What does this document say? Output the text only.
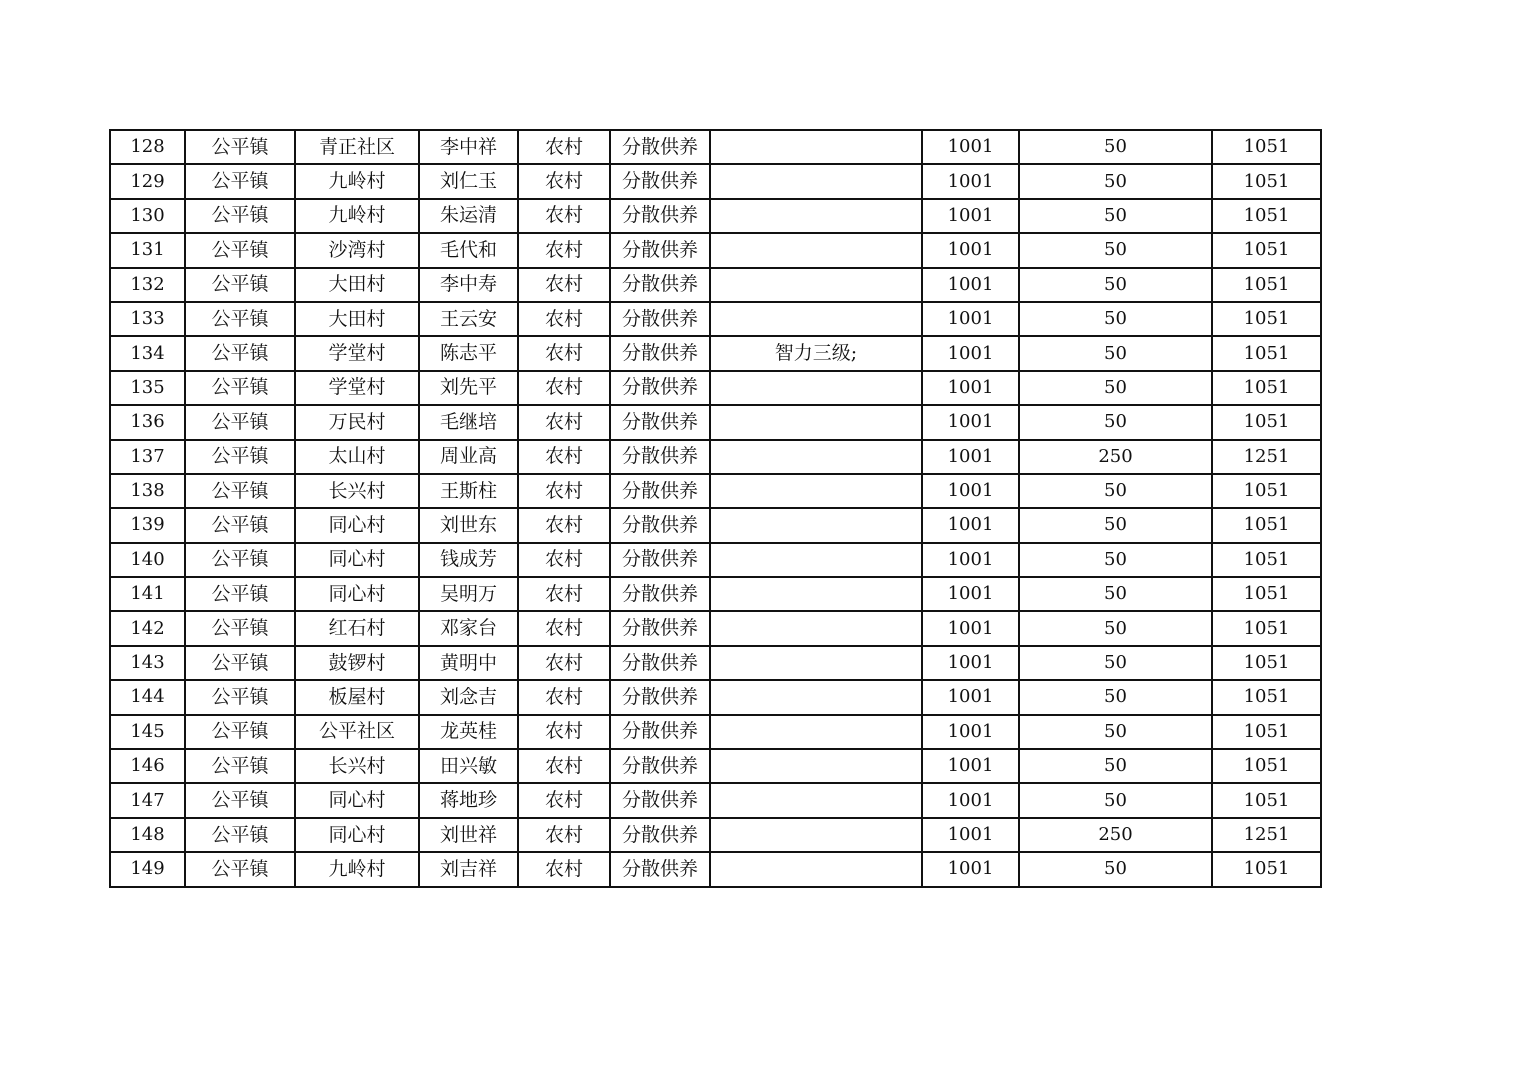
128	公平镇	青正社区	李中祥	农村	分散供养		1001	50	1051
129	公平镇	九岭村	刘仁玉	农村	分散供养		1001	50	1051
130	公平镇	九岭村	朱运清	农村	分散供养		1001	50	1051
131	公平镇	沙湾村	毛代和	农村	分散供养		1001	50	1051
132	公平镇	大田村	李中寿	农村	分散供养		1001	50	1051
133	公平镇	大田村	王云安	农村	分散供养		1001	50	1051
134	公平镇	学堂村	陈志平	农村	分散供养	智力三级;	1001	50	1051
135	公平镇	学堂村	刘先平	农村	分散供养		1001	50	1051
136	公平镇	万民村	毛继培	农村	分散供养		1001	50	1051
137	公平镇	太山村	周业高	农村	分散供养		1001	250	1251
138	公平镇	长兴村	王斯柱	农村	分散供养		1001	50	1051
139	公平镇	同心村	刘世东	农村	分散供养		1001	50	1051
140	公平镇	同心村	钱成芳	农村	分散供养		1001	50	1051
141	公平镇	同心村	吴明万	农村	分散供养		1001	50	1051
142	公平镇	红石村	邓家台	农村	分散供养		1001	50	1051
143	公平镇	鼓锣村	黄明中	农村	分散供养		1001	50	1051
144	公平镇	板屋村	刘念吉	农村	分散供养		1001	50	1051
145	公平镇	公平社区	龙英桂	农村	分散供养		1001	50	1051
146	公平镇	长兴村	田兴敏	农村	分散供养		1001	50	1051
147	公平镇	同心村	蒋地珍	农村	分散供养		1001	50	1051
148	公平镇	同心村	刘世祥	农村	分散供养		1001	250	1251
149	公平镇	九岭村	刘吉祥	农村	分散供养		1001	50	1051
